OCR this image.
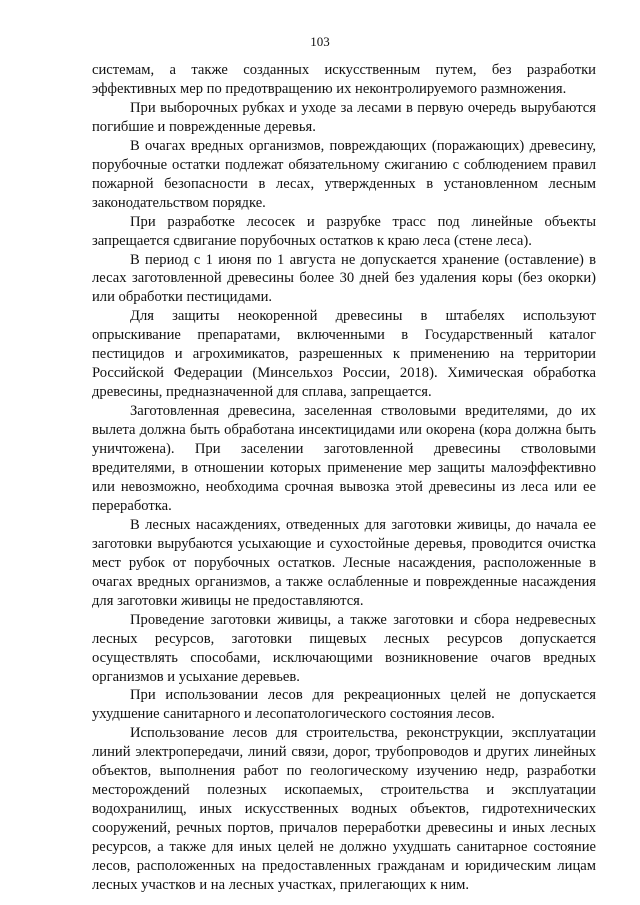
103

системам, а также созданных искусственным путем, без разработки эффективных мер по предотвращению их неконтролируемого размножения.

При выборочных рубках и уходе за лесами в первую очередь вырубаются погибшие и поврежденные деревья.

В очагах вредных организмов, повреждающих (поражающих) древесину, порубочные остатки подлежат обязательному сжиганию с соблюдением правил пожарной безопасности в лесах, утвержденных в установленном лесным законодательством порядке.

При разработке лесосек и разрубке трасс под линейные объекты запрещается сдвигание порубочных остатков к краю леса (стене леса).

В период с 1 июня по 1 августа не допускается хранение (оставление) в лесах заготовленной древесины более 30 дней без удаления коры (без окорки) или обработки пестицидами.

Для защиты неокоренной древесины в штабелях используют опрыскивание препаратами, включенными в Государственный каталог пестицидов и агрохимикатов, разрешенных к применению на территории Российской Федерации (Минсельхоз России, 2018). Химическая обработка древесины, предназначенной для сплава, запрещается.

Заготовленная древесина, заселенная стволовыми вредителями, до их вылета должна быть обработана инсектицидами или окорена (кора должна быть уничтожена). При заселении заготовленной древесины стволовыми вредителями, в отношении которых применение мер защиты малоэффективно или невозможно, необходима срочная вывозка этой древесины из леса или ее переработка.

В лесных насаждениях, отведенных для заготовки живицы, до начала ее заготовки вырубаются усыхающие и сухостойные деревья, проводится очистка мест рубок от порубочных остатков. Лесные насаждения, расположенные в очагах вредных организмов, а также ослабленные и поврежденные насаждения для заготовки живицы не предоставляются.

Проведение заготовки живицы, а также заготовки и сбора недревесных лесных ресурсов, заготовки пищевых лесных ресурсов допускается осуществлять способами, исключающими возникновение очагов вредных организмов и усыхание деревьев.

При использовании лесов для рекреационных целей не допускается ухудшение санитарного и лесопатологического состояния лесов.

Использование лесов для строительства, реконструкции, эксплуатации линий электропередачи, линий связи, дорог, трубопроводов и других линейных объектов, выполнения работ по геологическому изучению недр, разработки месторождений полезных ископаемых, строительства и эксплуатации водохранилищ, иных искусственных водных объектов, гидротехнических сооружений, речных портов, причалов переработки древесины и иных лесных ресурсов, а также для иных целей не должно ухудшать санитарное состояние лесов, расположенных на предоставленных гражданам и юридическим лицам лесных участков и на лесных участках, прилегающих к ним.
